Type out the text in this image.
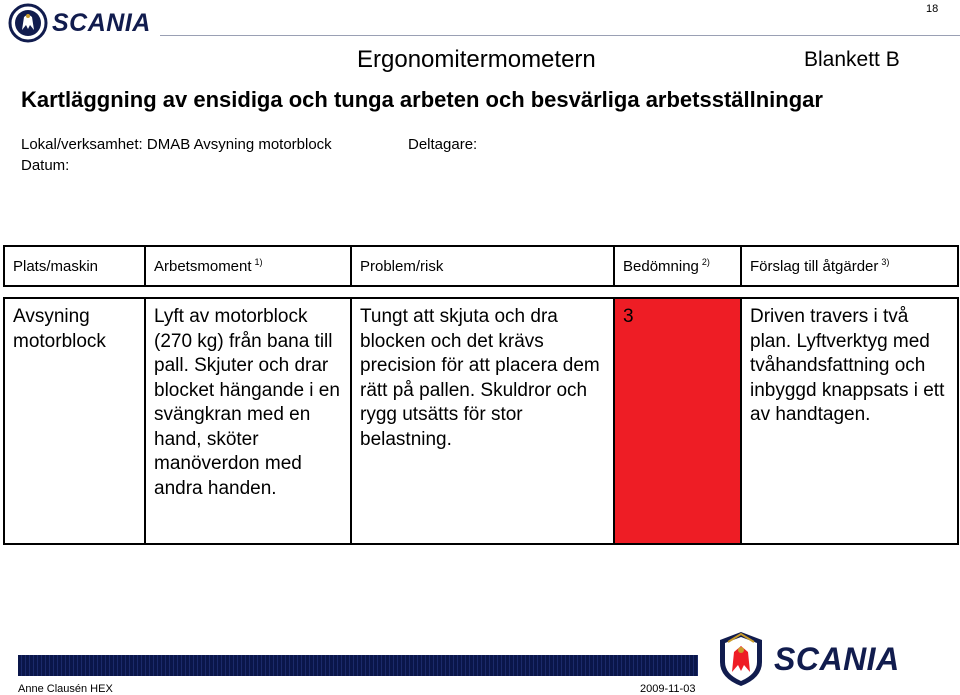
18
SCANIA
Ergonomitermometern	Blankett B
Kartläggning av ensidiga och tunga arbeten och besvärliga arbetsställningar
Lokal/verksamhet: DMAB Avsyning motorblock	Deltagare:
Datum:
Plats/maskin	Arbetsmoment $^{1)}$	Problem/risk	Bedömning $^{2)}$	Förslag till åtgärder $^{3)}$

Avsyning motorblock	Lyft av motorblock (270 kg) från bana till pall. Skjuter och drar blocket hängande i en svängkran med en hand, sköter manöverdon med andra handen.	Tungt att skjuta och dra blocken och det krävs precision för att placera dem rätt på pallen. Skuldror och rygg utsätts för stor belastning.	3	Driven travers i två plan. Lyftverktyg med tvåhandsfattning och inbyggd knappsats i ett av handtagen.
Anne Clausén HEX	2009-11-03
SCANIA
